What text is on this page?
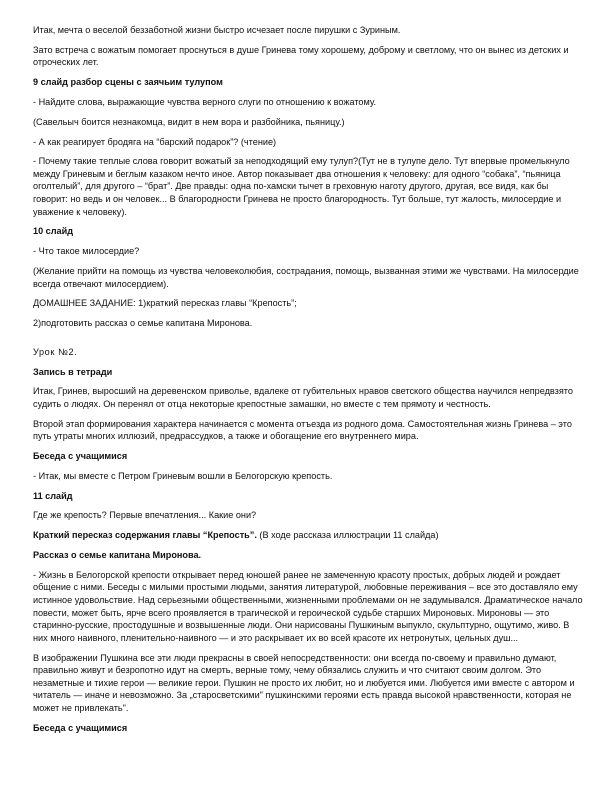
Итак, мечта о веселой беззаботной жизни быстро исчезает после пирушки с Зуриным.

Зато встреча с вожатым помогает проснуться в душе Гринева тому хорошему, доброму и светлому, что он вынес из детских и отроческих лет.

9 слайд разбор сцены с заячьим тулупом

- Найдите слова, выражающие чувства верного слуги по отношению к вожатому.

(Савельыч боится незнакомца, видит в нем вора и разбойника, пьяницу.)

- А как реагирует бродяга на “барский подарок”? (чтение)

- Почему такие теплые слова говорит вожатый за неподходящий ему тулуп?(Тут не в тулупе дело. Тут впервые промелькнуло между Гриневым и беглым казаком нечто иное. Автор показывает два отношения к человеку: для одного “собака”, “пьяница оголтелый”, для другого – “брат”. Две правды: одна по-хамски тычет в греховную наготу другого, другая, все видя, как бы говорит: но ведь и он человек... В благородности Гринева не просто благородность. Тут больше, тут жалость, милосердие и уважение к человеку).

10 слайд

- Что такое милосердие?

(Желание прийти на помощь из чувства человеколюбия, сострадания, помощь, вызванная этими же чувствами. На милосердие всегда отвечают милосердием).

ДОМАШНЕЕ ЗАДАНИЕ: 1)краткий пересказ главы “Крепость”;

2)подготовить рассказ о семье капитана Миронова.

Урок №2.

Запись в тетради

Итак, Гринев, выросший на деревенском приволье, вдалеке от губительных нравов светского общества научился непредвзято судить о людях. Он перенял от отца некоторые крепостные замашки, но вместе с тем прямоту и честность.

Второй этап формирования характера начинается с момента отъезда из родного дома. Самостоятельная жизнь Гринева – это путь утраты многих иллюзий, предрассудков, а также и обогащение его внутреннего мира.

Беседа с учащимися

- Итак, мы вместе с Петром Гриневым вошли в Белогорскую крепость.

11 слайд

Где же крепость? Первые впечатления... Какие они?

Краткий пересказ содержания главы “Крепость”. (В ходе рассказа иллюстрации 11 слайда)

Рассказ о семье капитана Миронова.

- Жизнь в Белогорской крепости открывает перед юношей ранее не замеченную красоту простых, добрых людей и рождает общение с ними. Беседы с милыми простыми людьми, занятия литературой, любовные переживания – все это доставляло ему истинное удовольствие. Над серьезными общественными, жизненными проблемами он не задумывался. Драматическое начало повести, может быть, ярче всего проявляется в трагической и героической судьбе старших Мироновых. Мироновы — это старинно-русские, простодушные и возвышенные люди. Они нарисованы Пушкиным выпукло, скульптурно, ощутимо, живо. В них много наивного, пленительно-наивного — и это раскрывает их во всей красоте их нетронутых, цельных душ...

В изображении Пушкина все эти люди прекрасны в своей непосредственности: они всегда по-своему и правильно думают, правильно живут и безропотно идут на смерть, верные тому, чему обязались служить и что считают своим долгом. Это незаметные и тихие герои — великие герои. Пушкин не просто их любит, но и любуется ими. Любуется ими вместе с автором и читатель — иначе и невозможно. За „старосветскими" пушкинскими героями есть правда высокой нравственности, которая не может не привлекать".

Беседа с учащимися
